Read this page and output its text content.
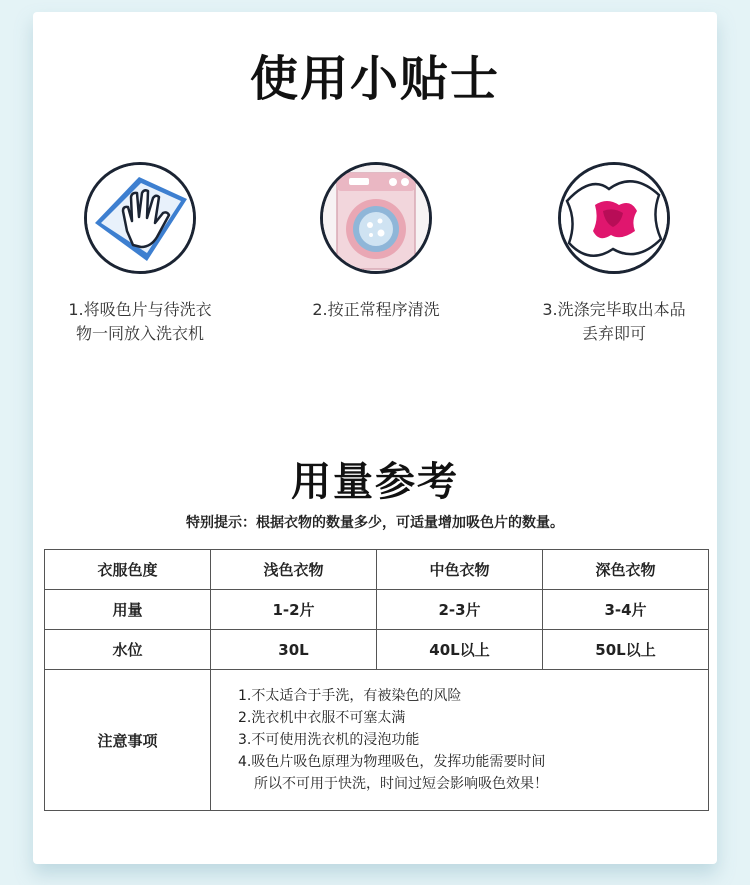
使用小贴士
1.将吸色片与待洗衣
物一同放入洗衣机
2.按正常程序清洗	3.洗涤完毕取出本品
丢弃即可
用量参考
特别提示：根据衣物的数量多少，可适量增加吸色片的数量。
衣服色度	浅色衣物	中色衣物	深色衣物
用量	1-2片	2-3片	3-4片
水位	30L	40L以上	50L以上
注意事项	1.不太适合于手洗，有被染色的风险
2.洗衣机中衣服不可塞太满
3.不可使用洗衣机的浸泡功能
4.吸色片吸色原理为物理吸色，发挥功能需要时间
所以不可用于快洗，时间过短会影响吸色效果！		
